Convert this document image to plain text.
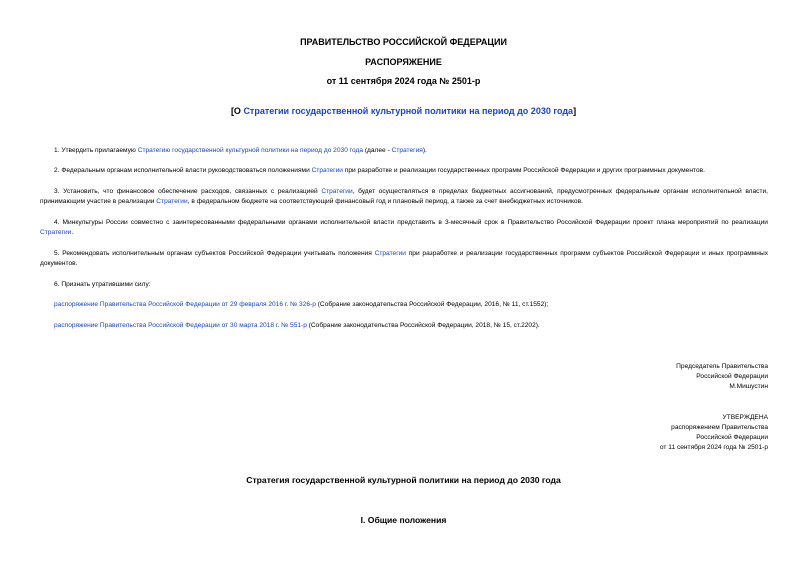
ПРАВИТЕЛЬСТВО РОССИЙСКОЙ ФЕДЕРАЦИИ
РАСПОРЯЖЕНИЕ
от 11 сентября 2024 года № 2501-р
[О Стратегии государственной культурной политики на период до 2030 года]
1. Утвердить прилагаемую Стратегию государственной культурной политики на период до 2030 года (далее - Стратегия).
2. Федеральным органам исполнительной власти руководствоваться положениями Стратегии при разработке и реализации государственных программ Российской Федерации и других программных документов.
3. Установить, что финансовое обеспечение расходов, связанных с реализацией Стратегии, будет осуществляться в пределах бюджетных ассигнований, предусмотренных федеральным органам исполнительной власти, принимающим участие в реализации Стратегии, в федеральном бюджете на соответствующий финансовый год и плановый период, а также за счет внебюджетных источников.
4. Минкультуры России совместно с заинтересованными федеральными органами исполнительной власти представить в 3-месячный срок в Правительство Российской Федерации проект плана мероприятий по реализации Стратегии.
5. Рекомендовать исполнительным органам субъектов Российской Федерации учитывать положения Стратегии при разработке и реализации государственных программ субъектов Российской Федерации и иных программных документов.
6. Признать утратившими силу:
распоряжение Правительства Российской Федерации от 29 февраля 2016 г. № 326-р (Собрание законодательства Российской Федерации, 2016, № 11, ст.1552);
распоряжение Правительства Российской Федерации от 30 марта 2018 г. № 551-р (Собрание законодательства Российской Федерации, 2018, № 15, ст.2202).
Председатель Правительства
Российской Федерации
М.Мишустин
УТВЕРЖДЕНА
распоряжением Правительства
Российской Федерации
от 11 сентября 2024 года № 2501-р
Стратегия государственной культурной политики на период до 2030 года
I. Общие положения
